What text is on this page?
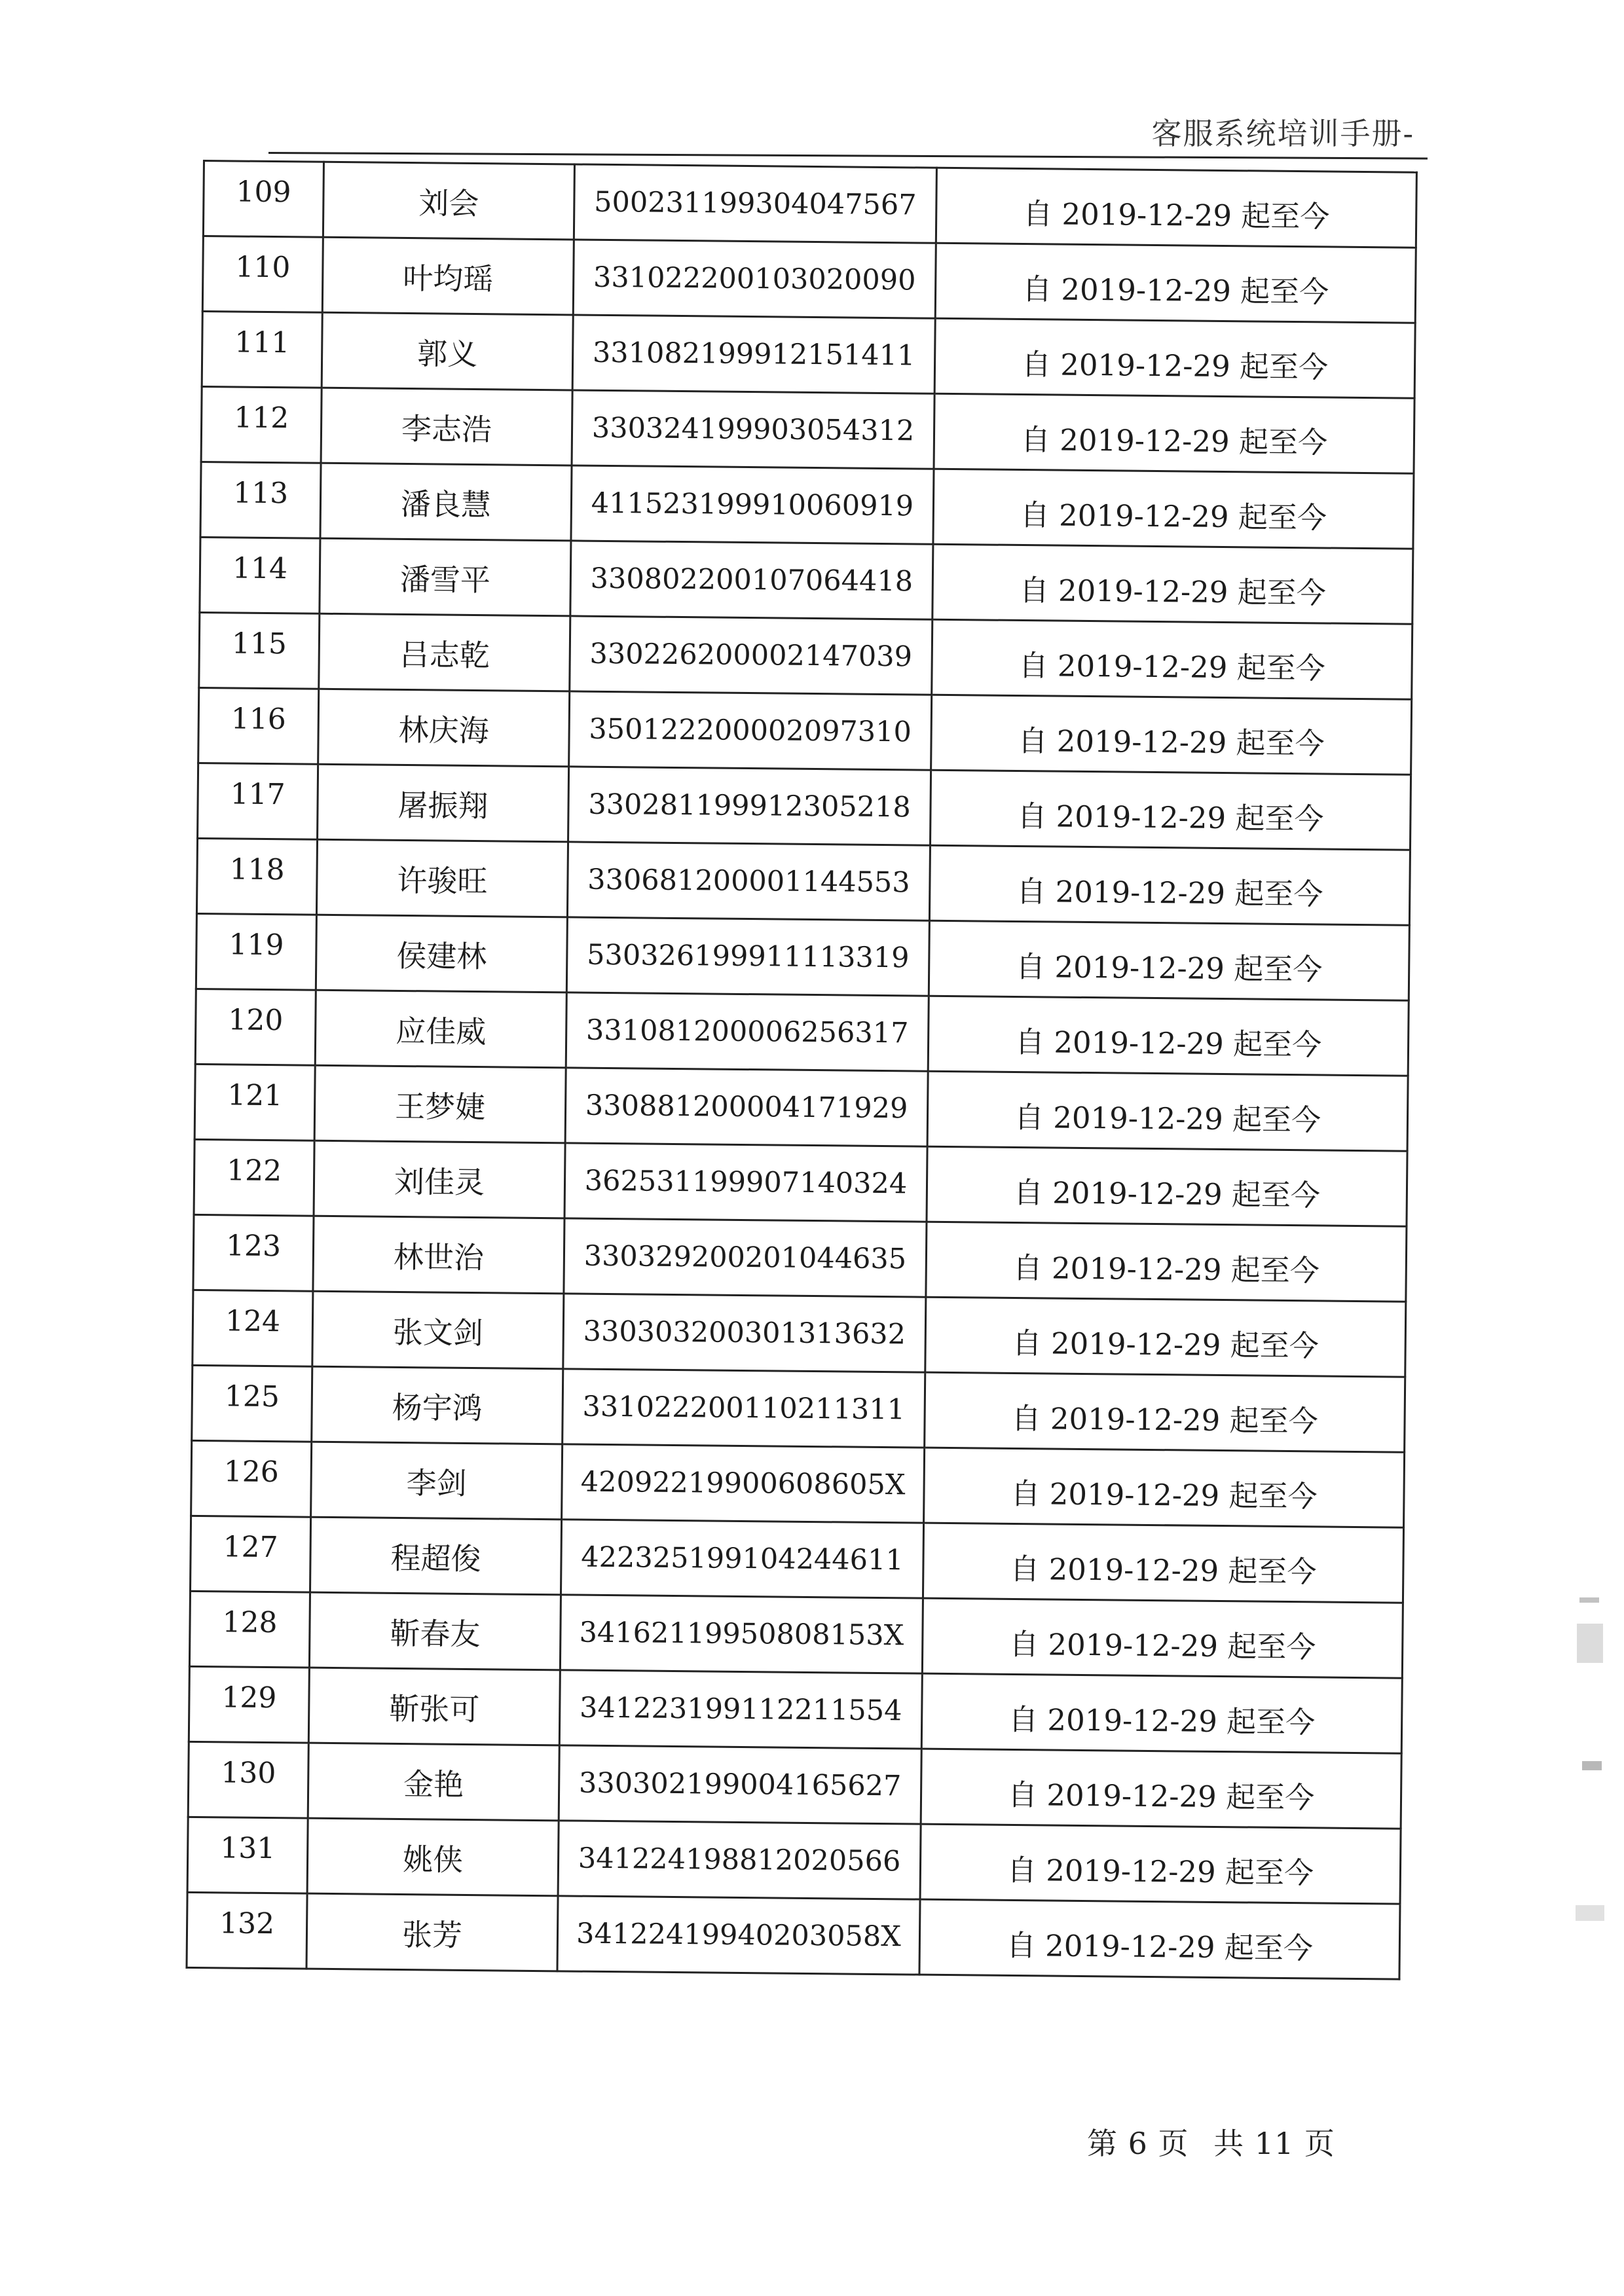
客服系统培训手册-
109	刘会	500231199304047567	自 2019-12-29 起至今
110	叶均瑶	331022200103020090	自 2019-12-29 起至今
111	郭义	331082199912151411	自 2019-12-29 起至今
112	李志浩	330324199903054312	自 2019-12-29 起至今
113	潘良慧	411523199910060919	自 2019-12-29 起至今
114	潘雪平	330802200107064418	自 2019-12-29 起至今
115	吕志乾	330226200002147039	自 2019-12-29 起至今
116	林庆海	350122200002097310	自 2019-12-29 起至今
117	屠振翔	330281199912305218	自 2019-12-29 起至今
118	许骏旺	330681200001144553	自 2019-12-29 起至今
119	侯建林	530326199911113319	自 2019-12-29 起至今
120	应佳威	331081200006256317	自 2019-12-29 起至今
121	王梦婕	330881200004171929	自 2019-12-29 起至今
122	刘佳灵	362531199907140324	自 2019-12-29 起至今
123	林世治	330329200201044635	自 2019-12-29 起至今
124	张文剑	330303200301313632	自 2019-12-29 起至今
125	杨宇鸿	331022200110211311	自 2019-12-29 起至今
126	李剑	42092219900608605X	自 2019-12-29 起至今
127	程超俊	422325199104244611	自 2019-12-29 起至今
128	靳春友	34162119950808153X	自 2019-12-29 起至今
129	靳张可	341223199112211554	自 2019-12-29 起至今
130	金艳	330302199004165627	自 2019-12-29 起至今
131	姚侠	341224198812020566	自 2019-12-29 起至今
132	张芳	34122419940203058X	自 2019-12-29 起至今
第 6 页 共 11 页
